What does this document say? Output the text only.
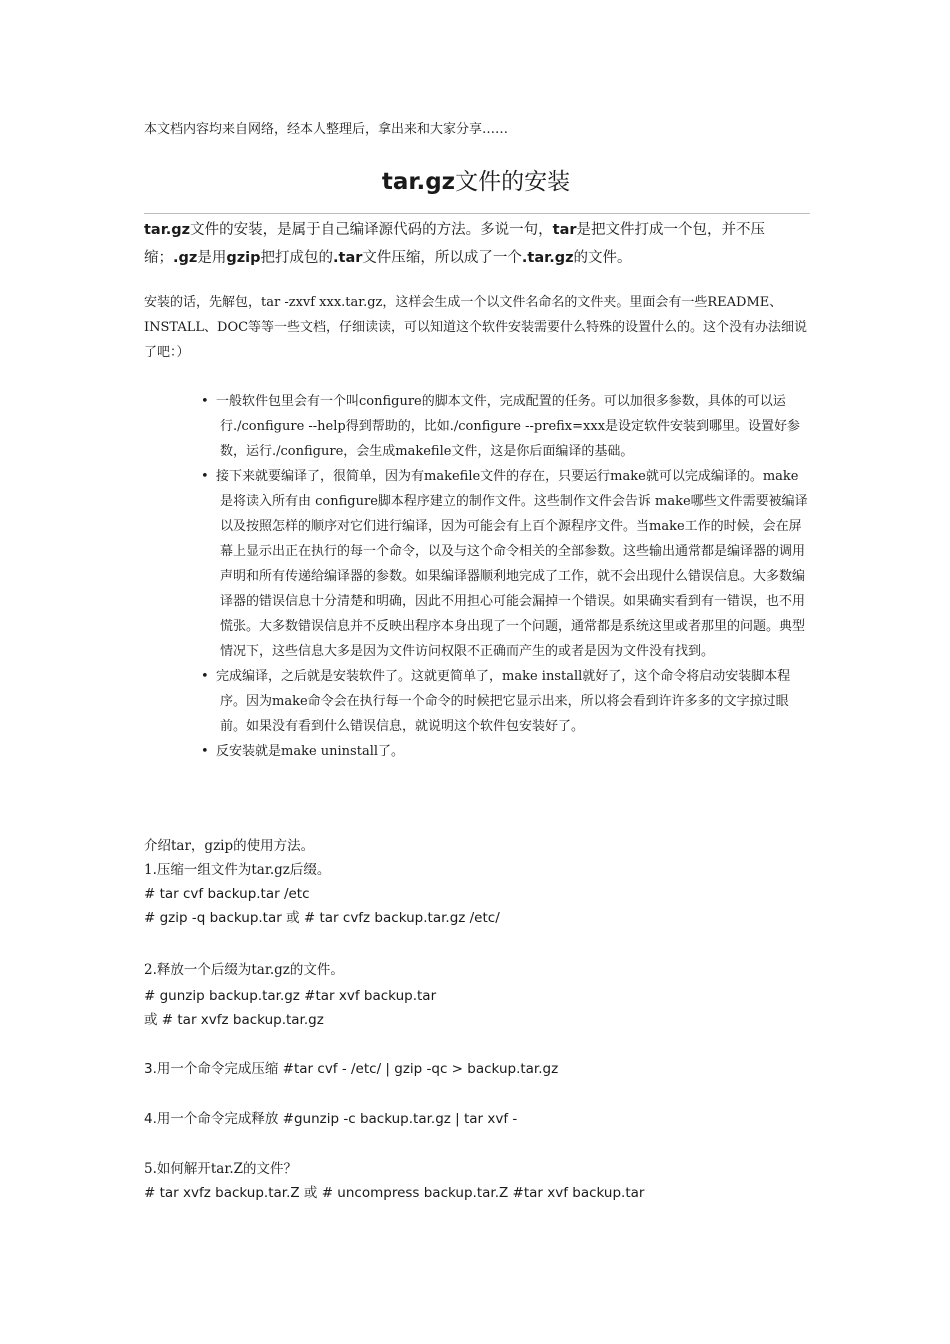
本文档内容均来自网络，经本人整理后，拿出来和大家分享……
tar.gz文件的安装
tar.gz文件的安装，是属于自己编译源代码的方法。多说一句，tar是把文件打成一个包，并不压缩；.gz是用gzip把打成包的.tar文件压缩，所以成了一个.tar.gz的文件。
安装的话，先解包，tar -zxvf xxx.tar.gz，这样会生成一个以文件名命名的文件夹。里面会有一些README、INSTALL、DOC等等一些文档，仔细读读，可以知道这个软件安装需要什么特殊的设置什么的。这个没有办法细说了吧：）
• 一般软件包里会有一个叫configure的脚本文件，完成配置的任务。可以加很多参数，具体的可以运行./configure --help得到帮助的，比如./configure --prefix=xxx是设定软件安装到哪里。设置好参数，运行./configure，会生成makefile文件，这是你后面编译的基础。
• 接下来就要编译了，很简单，因为有makefile文件的存在，只要运行make就可以完成编译的。make是将读入所有由 configure脚本程序建立的制作文件。这些制作文件会告诉 make哪些文件需要被编译以及按照怎样的顺序对它们进行编译，因为可能会有上百个源程序文件。当make工作的时候，会在屏幕上显示出正在执行的每一个命令，以及与这个命令相关的全部参数。这些输出通常都是编译器的调用声明和所有传递给编译器的参数。如果编译器顺利地完成了工作，就不会出现什么错误信息。大多数编译器的错误信息十分清楚和明确，因此不用担心可能会漏掉一个错误。如果确实看到有一错误，也不用慌张。大多数错误信息并不反映出程序本身出现了一个问题，通常都是系统这里或者那里的问题。典型情况下，这些信息大多是因为文件访问权限不正确而产生的或者是因为文件没有找到。
• 完成编译，之后就是安装软件了。这就更简单了，make install就好了，这个命令将启动安装脚本程序。因为make命令会在执行每一个命令的时候把它显示出来，所以将会看到许许多多的文字掠过眼前。如果没有看到什么错误信息，就说明这个软件包安装好了。
• 反安装就是make uninstall了。
介绍tar，gzip的使用方法。
1.压缩一组文件为tar.gz后缀。
# tar cvf backup.tar /etc
# gzip -q backup.tar 或 # tar cvfz backup.tar.gz /etc/
2.释放一个后缀为tar.gz的文件。
# gunzip backup.tar.gz #tar xvf backup.tar
或 # tar xvfz backup.tar.gz
3.用一个命令完成压缩 #tar cvf - /etc/ | gzip -qc > backup.tar.gz
4.用一个命令完成释放 #gunzip -c backup.tar.gz | tar xvf -
5.如何解开tar.Z的文件？
# tar xvfz backup.tar.Z 或 # uncompress backup.tar.Z #tar xvf backup.tar
